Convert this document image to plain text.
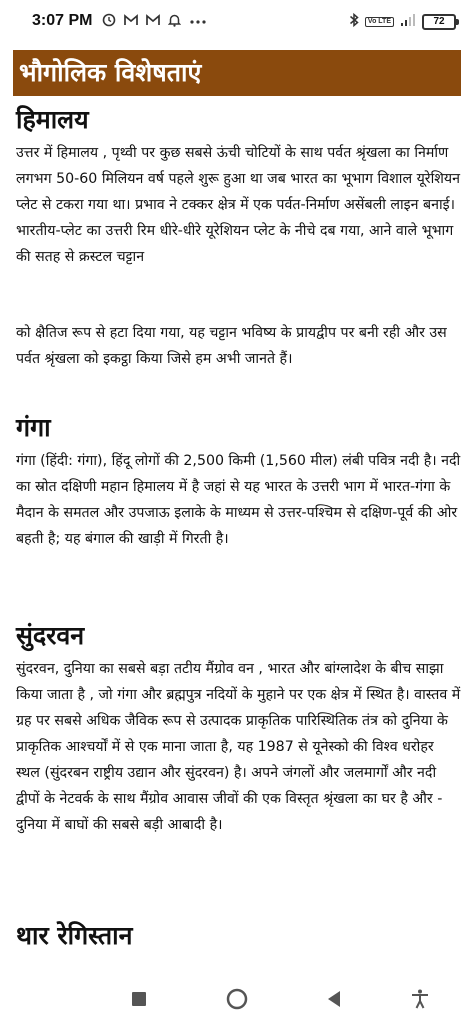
3:07 PM	Vo LTE	72
भौगोलिक विशेषताएं
हिमालय
उत्तर में हिमालय , पृथ्वी पर कुछ सबसे ऊंची चोटियों के साथ पर्वत श्रृंखला का निर्माण लगभग 50-60 मिलियन वर्ष पहले शुरू हुआ था जब भारत का भूभाग विशाल यूरेशियन प्लेट से टकरा गया था। प्रभाव ने टक्कर क्षेत्र में एक पर्वत-निर्माण असेंबली लाइन बनाई। भारतीय-प्लेट का उत्तरी रिम धीरे-धीरे यूरेशियन प्लेट के नीचे दब गया, आने वाले भूभाग की सतह से क्रस्टल चट्टान
को क्षैतिज रूप से हटा दिया गया, यह चट्टान भविष्य के प्रायद्वीप पर बनी रही और उस पर्वत श्रृंखला को इकट्ठा किया जिसे हम अभी जानते हैं।
गंगा
गंगा (हिंदी: गंगा), हिंदू लोगों की 2,500 किमी (1,560 मील) लंबी पवित्र नदी है। नदी का स्रोत दक्षिणी महान हिमालय में है जहां से यह भारत के उत्तरी भाग में भारत-गंगा के मैदान के समतल और उपजाऊ इलाके के माध्यम से उत्तर-पश्चिम से दक्षिण-पूर्व की ओर बहती है; यह बंगाल की खाड़ी में गिरती है।
सुंदरवन
सुंदरवन, दुनिया का सबसे बड़ा तटीय मैंग्रोव वन , भारत और बांग्लादेश के बीच साझा किया जाता है , जो गंगा और ब्रह्मपुत्र नदियों के मुहाने पर एक क्षेत्र में स्थित है। वास्तव में ग्रह पर सबसे अधिक जैविक रूप से उत्पादक प्राकृतिक पारिस्थितिक तंत्र को दुनिया के प्राकृतिक आश्चर्यों में से एक माना जाता है, यह 1987 से यूनेस्को की विश्व धरोहर स्थल (सुंदरबन राष्ट्रीय उद्यान और सुंदरवन) है। अपने जंगलों और जलमार्गों और नदी द्वीपों के नेटवर्क के साथ मैंग्रोव आवास जीवों की एक विस्तृत श्रृंखला का घर है और - दुनिया में बाघों की सबसे बड़ी आबादी है।
थार रेगिस्तान
